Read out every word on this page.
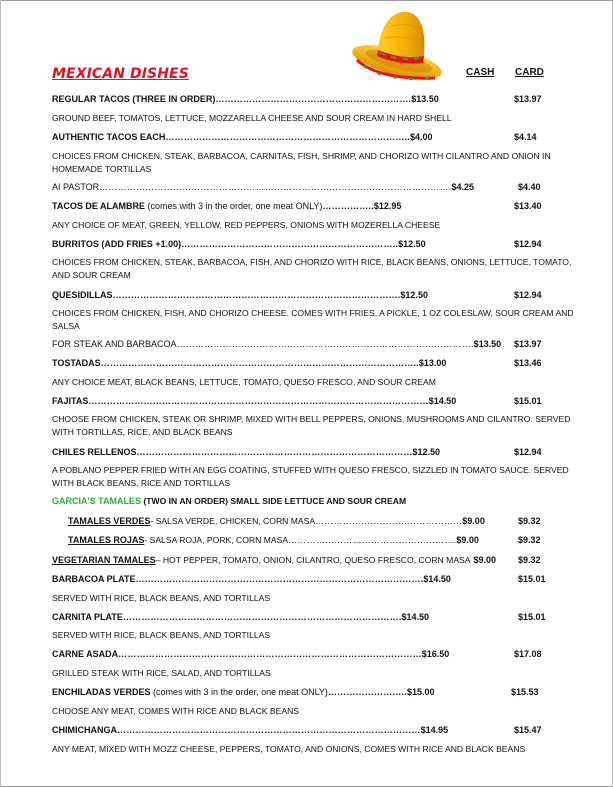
MEXICAN DISHES	CASH CARD
REGULAR TACOS (THREE IN ORDER)……………………………………………………….$13.50	$13.97
GROUND BEEF, TOMATOS, LETTUCE, MOZZARELLA CHEESE AND SOUR CREAM IN HARD SHELL
AUTHENTIC TACOS EACH……………………………………………………………………..$4.00	$4.14
CHOICES FROM CHICKEN, STEAK, BARBACOA, CARNITAS, FISH, SHRIMP, AND CHORIZO WITH CILANTRO AND ONION IN HOMEMADE TORTILLAS
AI PASTOR…………………………………………………………………………………………………….$4.25	$4.40
TACOS DE ALAMBRE (comes with 3 in the order, one meat ONLY)……………..$12.95	$13.40
ANY CHOICE OF MEAT, GREEN, YELLOW, RED PEPPERS, ONIONS WITH MOZERELLA CHEESE
BURRITOS (ADD FRIES +1.00)……………………………………………………………..$12.50	$12.94
CHOICES FROM CHICKEN, STEAK, BARBACOA, FISH, AND CHORIZO WITH RICE, BLACK BEANS, ONIONS, LETTUCE, TOMATO, AND SOUR CREAM
QUESIDILLAS………………………………………………………………………………….$12.50	$12.94
CHOICES FROM CHICKEN, FISH, AND CHORIZO CHEESE. COMES WITH FRIES, A PICKLE, 1 OZ COLESLAW, SOUR CREAM AND SALSA
FOR STEAK AND BARBACOA…………………………………………………………………………………….$13.50 $13.97
TOSTADAS…………………………………………………………………………………………..$13.00	$13.46
ANY CHOICE MEAT, BLACK BEANS, LETTUCE, TOMATO, QUESO FRESCO, AND SOUR CREAM
FAJITAS…………………………………………………………………………………………………$14.50	$15.01
CHOOSE FROM CHICKEN, STEAK OR SHRIMP, MIXED WITH BELL PEPPERS, ONIONS, MUSHROOMS AND CILANTRO. SERVED WITH TORTILLAS, RICE, AND BLACK BEANS
CHILES RELLENOS………………………………………………………………………………$12.50	$12.94
A POBLANO PEPPER FRIED WITH AN EGG COATING, STUFFED WITH QUESO FRESCO, SIZZLED IN TOMATO SAUCE. SERVED WITH BLACK BEANS, RICE AND TORTILLAS
GARCIA'S TAMALES (TWO IN AN ORDER) SMALL SIDE LETTUCE AND SOUR CREAM
TAMALES VERDES- SALSA VERDE, CHICKEN, CORN MASA…………………………………………$9.00	$9.32
TAMALES ROJAS- SALSA ROJA, PORK, CORN MASA……………………………………………….$9.00	$9.32
VEGETARIAN TAMALES– HOT PEPPER, TOMATO, ONION, CILANTRO, QUESO FRESCO, CORN MASA $9.00 $9.32
BARBACOA PLATE………………………………………………………………………………….$14.50	$15.01
SERVED WITH RICE, BLACK BEANS, AND TORTILLAS
CARNITA PLATE……………………………………………………………………………….$14.50	$15.01
SERVED WITH RICE, BLACK BEANS, AND TORTILLAS
CARNE ASADA………………………………………………………………………………………$16.50	$17.08
GRILLED STEAK WITH RICE, SALAD, AND TORTILLAS
ENCHILADAS VERDES (comes with 3 in the order, one meat ONLY)……………………..$15.00	$15.53
CHOOSE ANY MEAT, COMES WITH RICE AND BLACK BEANS
CHIMICHANGA………………………………………………………………………………………$14.95	$15.47
ANY MEAT, MIXED WITH MOZZ CHEESE, PEPPERS, TOMATO, AND ONIONS, COMES WITH RICE AND BLACK BEANS
